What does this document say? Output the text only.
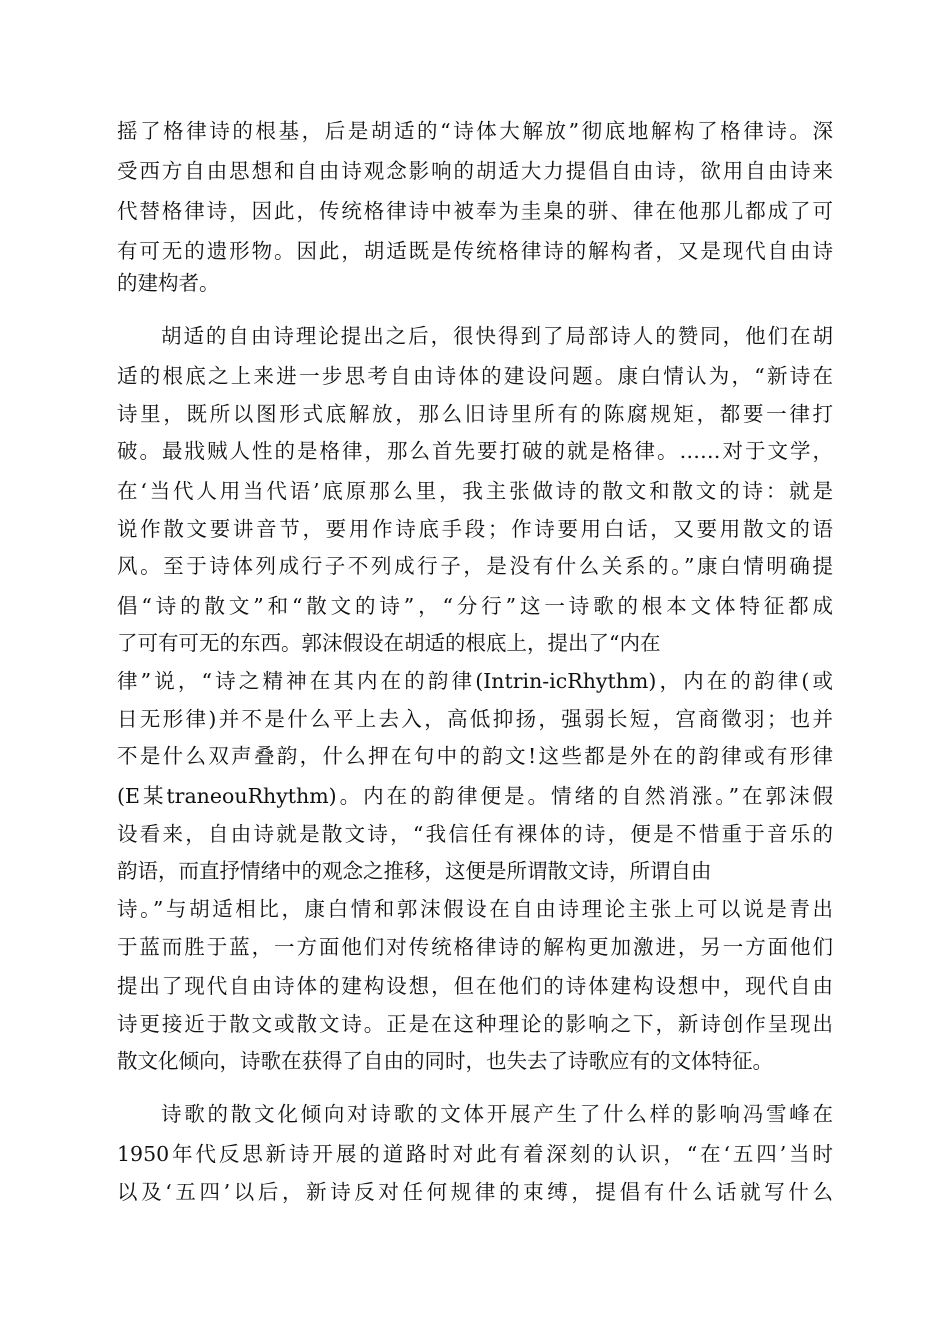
摇了格律诗的根基，后是胡适的“诗体大解放”彻底地解构了格律诗。深
受西方自由思想和自由诗观念影响的胡适大力提倡自由诗，欲用自由诗来
代替格律诗，因此，传统格律诗中被奉为圭臬的骈、律在他那儿都成了可
有可无的遗形物。因此，胡适既是传统格律诗的解构者，又是现代自由诗
的建构者。
胡适的自由诗理论提出之后，很快得到了局部诗人的赞同，他们在胡
适的根底之上来进一步思考自由诗体的建设问题。康白情认为，“新诗在
诗里，既所以图形式底解放，那么旧诗里所有的陈腐规矩，都要一律打
破。最戕贼人性的是格律，那么首先要打破的就是格律。……对于文学，
在‘当代人用当代语’底原那么里，我主张做诗的散文和散文的诗：就是
说作散文要讲音节，要用作诗底手段；作诗要用白话，又要用散文的语
风。至于诗体列成行子不列成行子，是没有什么关系的。”康白情明确提
倡“诗的散文”和“散文的诗”，“分行”这一诗歌的根本文体特征都成
了可有可无的东西。郭沫假设在胡适的根底上，提出了“内在
律”说，“诗之精神在其内在的韵律(Intrin-icRhythm)，内在的韵律(或
日无形律)并不是什么平上去入，高低抑扬，强弱长短，宫商徵羽；也并
不是什么双声叠韵，什么押在句中的韵文!这些都是外在的韵律或有形律
(E某traneouRhythm)。内在的韵律便是。情绪的自然消涨。”在郭沫假
设看来，自由诗就是散文诗，“我信任有裸体的诗，便是不惜重于音乐的
韵语，而直抒情绪中的观念之推移，这便是所谓散文诗，所谓自由
诗。”与胡适相比，康白情和郭沫假设在自由诗理论主张上可以说是青出
于蓝而胜于蓝，一方面他们对传统格律诗的解构更加激进，另一方面他们
提出了现代自由诗体的建构设想，但在他们的诗体建构设想中，现代自由
诗更接近于散文或散文诗。正是在这种理论的影响之下，新诗创作呈现出
散文化倾向，诗歌在获得了自由的同时，也失去了诗歌应有的文体特征。
诗歌的散文化倾向对诗歌的文体开展产生了什么样的影响冯雪峰在
1950年代反思新诗开展的道路时对此有着深刻的认识，“在‘五四’当时
以及‘五四’以后，新诗反对任何规律的束缚，提倡有什么话就写什么
